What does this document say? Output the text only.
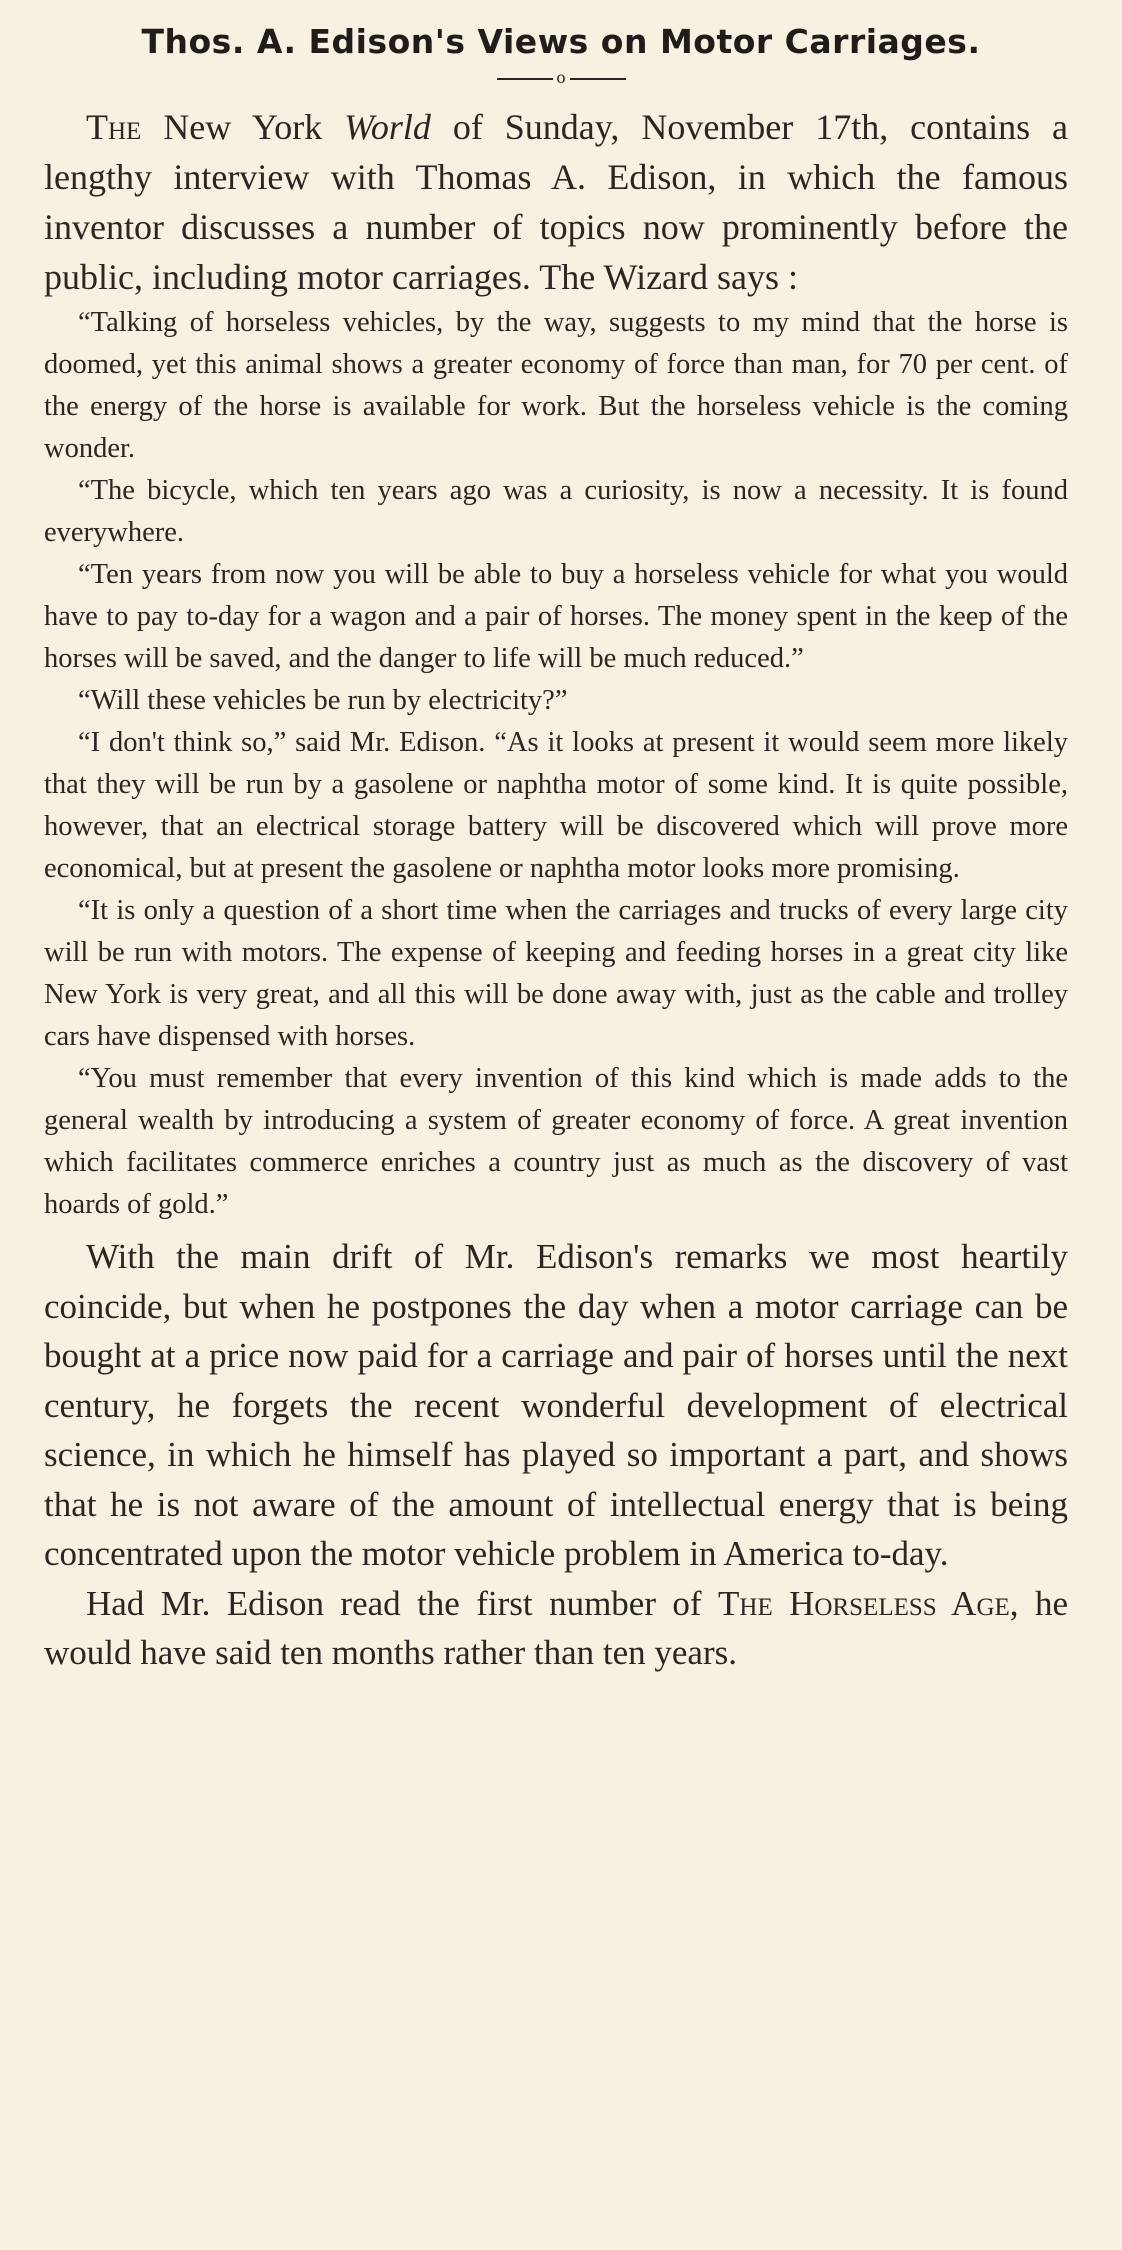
Thos. A. Edison's Views on Motor Carriages.
o

The New York World of Sunday, November 17th, contains a lengthy interview with Thomas A. Edison, in which the famous inventor discusses a number of topics now prominently before the public, including motor carriages. The Wizard says :

“Talking of horseless vehicles, by the way, suggests to my mind that the horse is doomed, yet this animal shows a greater economy of force than man, for 70 per cent. of the energy of the horse is available for work. But the horseless vehicle is the coming wonder.

“The bicycle, which ten years ago was a curiosity, is now a necessity. It is found everywhere.

“Ten years from now you will be able to buy a horseless vehicle for what you would have to pay to-day for a wagon and a pair of horses. The money spent in the keep of the horses will be saved, and the danger to life will be much reduced.”

“Will these vehicles be run by electricity?”

“I don't think so,” said Mr. Edison. “As it looks at present it would seem more likely that they will be run by a gasolene or naphtha motor of some kind. It is quite possible, however, that an electrical storage battery will be discovered which will prove more economical, but at present the gasolene or naphtha motor looks more promising.

“It is only a question of a short time when the carriages and trucks of every large city will be run with motors. The expense of keeping and feeding horses in a great city like New York is very great, and all this will be done away with, just as the cable and trolley cars have dispensed with horses.

“You must remember that every invention of this kind which is made adds to the general wealth by introducing a system of greater economy of force. A great invention which facilitates commerce enriches a country just as much as the discovery of vast hoards of gold.”

With the main drift of Mr. Edison's remarks we most heartily coincide, but when he postpones the day when a motor carriage can be bought at a price now paid for a carriage and pair of horses until the next century, he forgets the recent wonderful development of electrical science, in which he himself has played so important a part, and shows that he is not aware of the amount of intellectual energy that is being concentrated upon the motor vehicle problem in America to-day.

Had Mr. Edison read the first number of The Horseless Age, he would have said ten months rather than ten years.
